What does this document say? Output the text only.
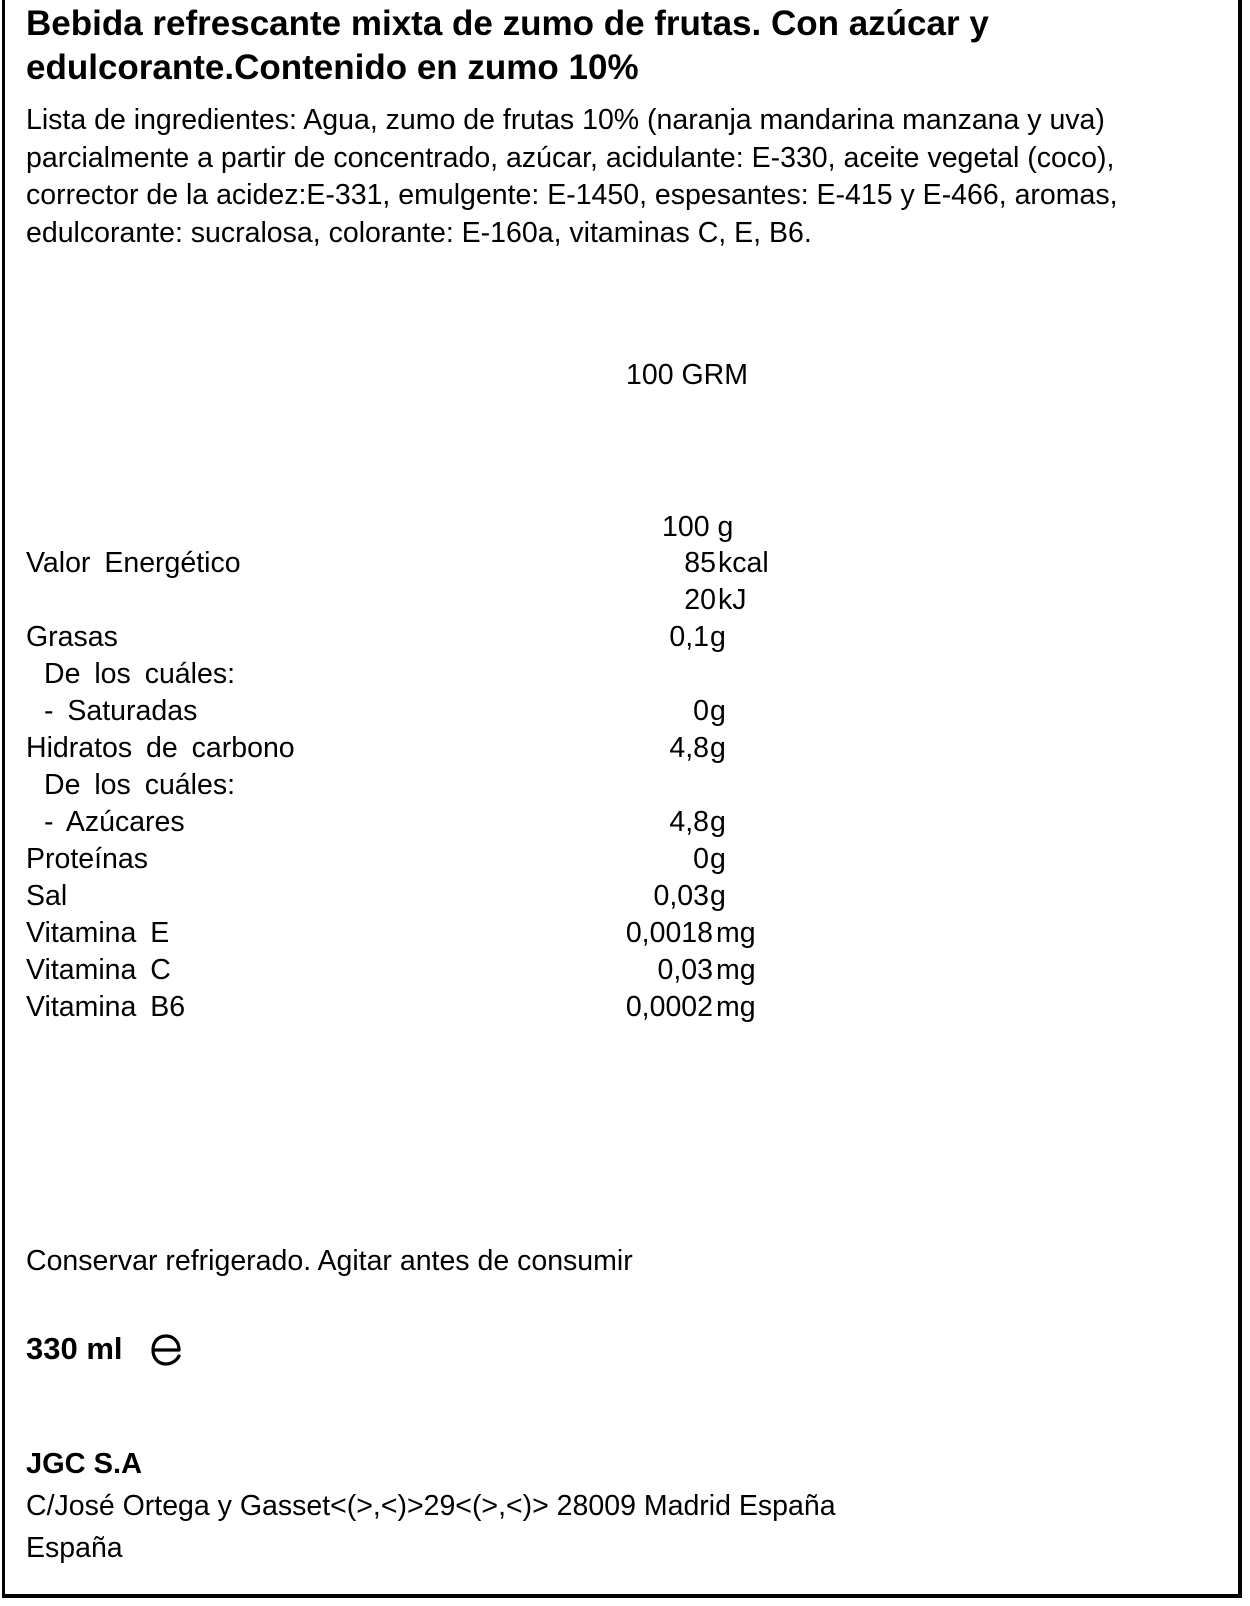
Bebida refrescante mixta de zumo de frutas. Con azúcar y edulcorante.Contenido en zumo 10%
Lista de ingredientes: Agua, zumo de frutas 10% (naranja mandarina manzana y uva) parcialmente a partir de concentrado, azúcar, acidulante: E-330, aceite vegetal (coco), corrector de la acidez:E-331, emulgente: E-1450, espesantes: E-415 y E-466, aromas, edulcorante: sucralosa, colorante: E-160a, vitaminas C, E, B6.
100 GRM
100 g
Valor Energético	85 kcal
20 kJ
Grasas	0,1 g
De los cuáles:
- Saturadas	0 g
Hidratos de carbono	4,8 g
De los cuáles:
- Azúcares	4,8 g
Proteínas	0 g
Sal	0,03 g
Vitamina E	0,0018 mg
Vitamina C	0,03 mg
Vitamina B6	0,0002 mg
Conservar refrigerado. Agitar antes de consumir
330 ml
JGC S.A
C/José Ortega y Gasset<(>,<)>29<(>,<)> 28009 Madrid España
España
